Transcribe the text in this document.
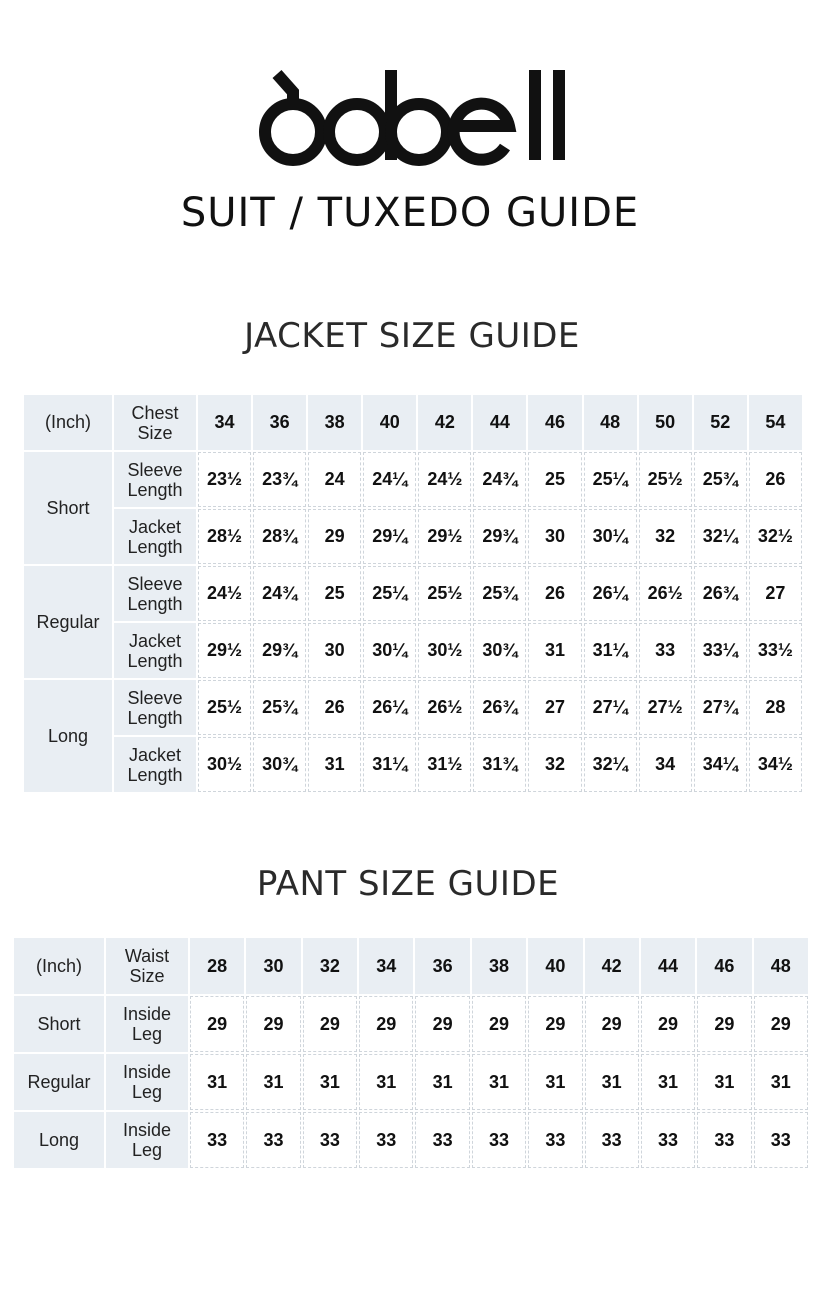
SUIT / TUXEDO GUIDE
JACKET SIZE GUIDE
(Inch)	Chest Size	34	36	38	40	42	44	46	48	50	52	54
Short	Sleeve Length	23½	23¾	24	24¼	24½	24¾	25	25¼	25½	25¾	26
	Jacket Length	28½	28¾	29	29¼	29½	29¾	30	30¼	32	32¼	32½
Regular	Sleeve Length	24½	24¾	25	25¼	25½	25¾	26	26¼	26½	26¾	27
	Jacket Length	29½	29¾	30	30¼	30½	30¾	31	31¼	33	33¼	33½
Long	Sleeve Length	25½	25¾	26	26¼	26½	26¾	27	27¼	27½	27¾	28
	Jacket Length	30½	30¾	31	31¼	31½	31¾	32	32¼	34	34¼	34½
PANT SIZE GUIDE
(Inch)	Waist Size	28	30	32	34	36	38	40	42	44	46	48
Short	Inside Leg	29	29	29	29	29	29	29	29	29	29	29
Regular	Inside Leg	31	31	31	31	31	31	31	31	31	31	31
Long	Inside Leg	33	33	33	33	33	33	33	33	33	33	33
